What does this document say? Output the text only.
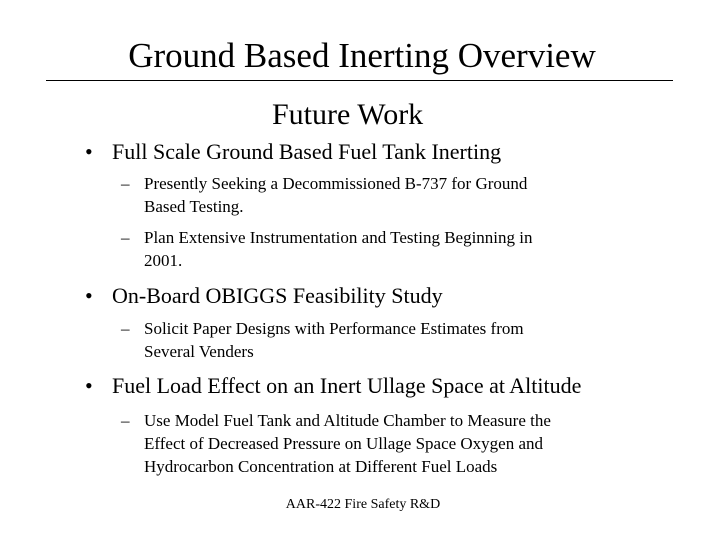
Ground Based Inerting Overview
Future Work
• Full Scale Ground Based Fuel Tank Inerting
– Presently Seeking a Decommissioned B-737 for Ground
Based Testing.
– Plan Extensive Instrumentation and Testing Beginning in
2001.
• On-Board OBIGGS Feasibility Study
– Solicit Paper Designs with Performance Estimates from
Several Venders
• Fuel Load Effect on an Inert Ullage Space at Altitude
– Use Model Fuel Tank and Altitude Chamber to Measure the
Effect of Decreased Pressure on Ullage Space Oxygen and
Hydrocarbon Concentration at Different Fuel Loads
AAR-422 Fire Safety R&D
